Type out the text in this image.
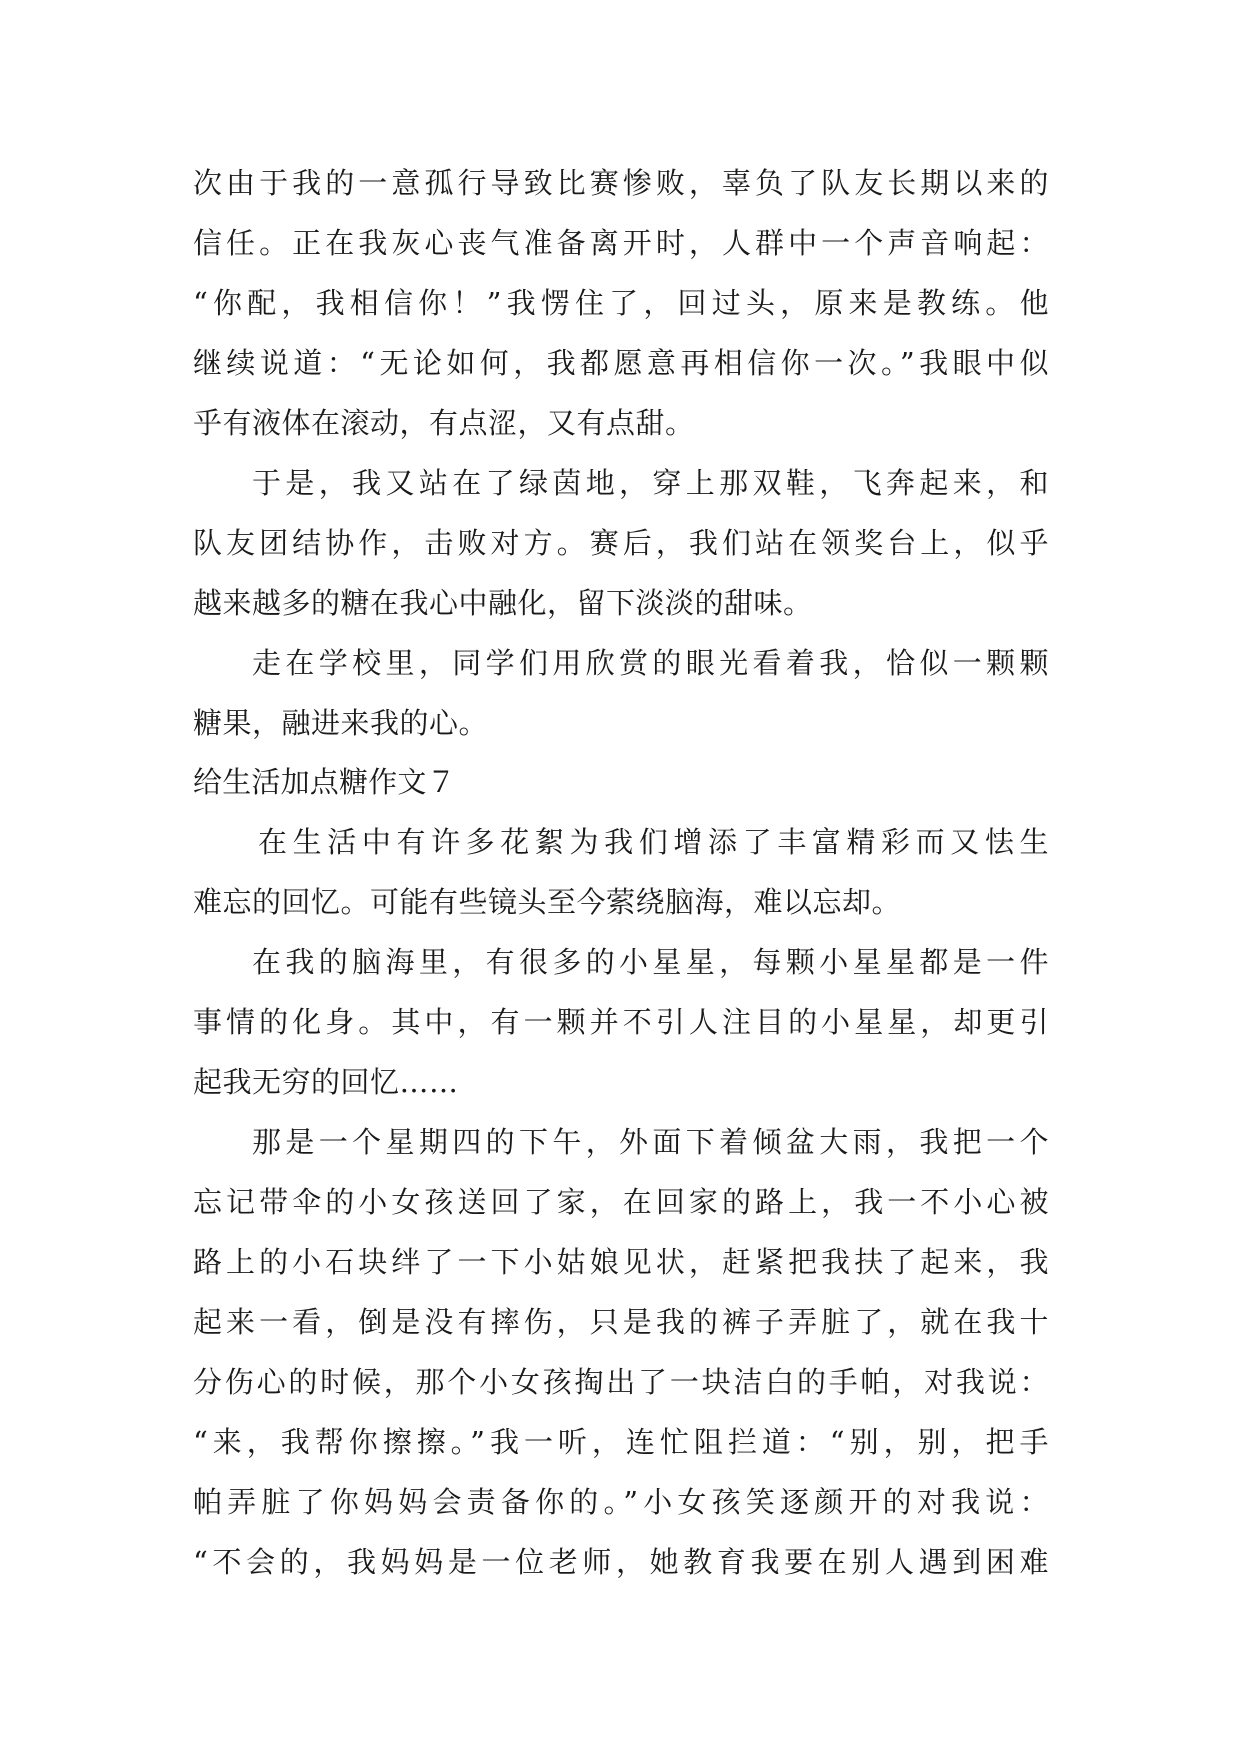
次由于我的一意孤行导致比赛惨败，辜负了队友长期以来的
信任。正在我灰心丧气准备离开时，人群中一个声音响起：
“你配，我相信你！”我愣住了，回过头，原来是教练。他
继续说道：“无论如何，我都愿意再相信你一次。”我眼中似
乎有液体在滚动，有点涩，又有点甜。
于是，我又站在了绿茵地，穿上那双鞋，飞奔起来，和
队友团结协作，击败对方。赛后，我们站在领奖台上，似乎
越来越多的糖在我心中融化，留下淡淡的甜味。
走在学校里，同学们用欣赏的眼光看着我，恰似一颗颗
糖果，融进来我的心。
给生活加点糖作文７
在生活中有许多花絮为我们增添了丰富精彩而又怯生
难忘的回忆。可能有些镜头至今萦绕脑海，难以忘却。
在我的脑海里，有很多的小星星，每颗小星星都是一件
事情的化身。其中，有一颗并不引人注目的小星星，却更引
起我无穷的回忆……
那是一个星期四的下午，外面下着倾盆大雨，我把一个
忘记带伞的小女孩送回了家，在回家的路上，我一不小心被
路上的小石块绊了一下小姑娘见状，赶紧把我扶了起来，我
起来一看，倒是没有摔伤，只是我的裤子弄脏了，就在我十
分伤心的时候，那个小女孩掏出了一块洁白的手帕，对我说：
“来，我帮你擦擦。”我一听，连忙阻拦道：“别，别，把手
帕弄脏了你妈妈会责备你的。”小女孩笑逐颜开的对我说：
“不会的，我妈妈是一位老师，她教育我要在别人遇到困难
